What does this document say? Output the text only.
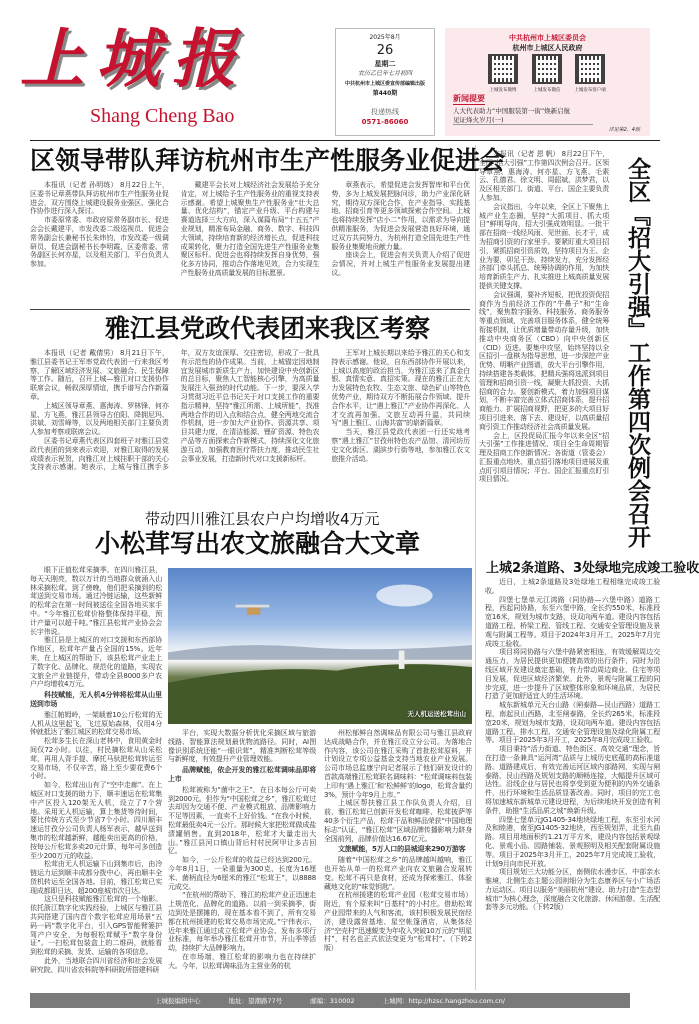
上城报
Shang Cheng Bao
2025年8月
26
星期二
农历乙巳年七月初四
中共杭州市上城区委宣传部编辑出版
第440期
投递热线
0571-86060
中共杭州市上城区委员会
杭州市上城区人民政府
上城发布微博	上城发布微信	上城发布客户端
新闻提要
人大代表助力“中国服装第一街”焕新启航
见证烽火岁月(一)
详见第2、4版
区领导带队拜访杭州市生产性服务业促进会

本报讯（记者 孙明练） 8月22日上午，区委书记章燕带队拜访杭州市生产性服务业促进会，双方围绕上城建设服务业强区、强化合作协作进行深入探讨。

市委原常委、市政府原常务副市长、促进会会长戴建平，市发改委二级巡视员、促进会常务副会长兼秘书长朱炜钧，市发改委一级调研员、促进会副秘书长李明霞，区委常委、常务副区长何亦星，以及相关部门、平台负责人参加。

戴建平会长对上城经济社会发展给予充分肯定，对上城给予生产性服务业的重视支持表示感谢。希望上城聚焦生产性服务业“壮大总量、优化结构”，锚定产业升级、平台构建与赛道选择三大方向，深入谋篇布局“十五五”产业规划，精准布局金融、商务、数字、科技四大领域，持续培育新的经济增长点，促进科技成果转化，聚力打造全国先进生产性服务业集聚区标杆。促进会也将持续发挥自身优势，强化多方协同，推动合作落地见效，合力实现生产性服务业高质量发展的目标愿景。

章燕表示，希望促进会发挥智库和平台优势，多为上城发展把脉问诊，助力产业深化研究，期待双方深化合作，在产业指导、实践基地、招商引育等更多领域探索合作空间。上城也将持续发挥“店小二”作用，以需求为导向提供精准服务，为促进会发展营造良好环境，通过双方共同努力，为杭州打造全国先进生产性服务业集聚地贡献力量。

座谈会上，促进会有关负责人介绍了促进会情况，并对上城生产性服务业发展提出建议。

雅江县党政代表团来我区考察

本报讯（记者 戴倩男） 8月21日下午，雅江县委书记王军率党政代表团一行来我区考察，了解区域经济发展、文旅融合、民生保障等工作。随后，召开上城—雅江对口支援协作联席会议，畅叙深厚情谊，携手谱写合作新篇章。

上城区领导章燕、惠海涛、罗林锋、何亦星、方飞燕，雅江县领导古伯阳、降拥尼玛、洪斌、刘雪峰等，以及两地相关部门主要负责人参加考察或联席会议。

区委书记章燕代表区四套班子对雅江县党政代表团的到来表示欢迎，对雅江取得的发展成绩表示祝贺，向雅江对上城挂职干部的关心支持表示感谢。她表示，上城与雅江携手多年，双方友谊深厚、交往密切，形成了一批具有示范性的协作成果。当前，上城锚定因地制宜发展城市新质生产力、加快建设中央创新区的总目标，聚焦人工智能核心引擎，为高质量发展注入强劲的时代动能。下一步，要深入学习贯彻习近平总书记关于对口支援工作的重要指示精神，坚持“雅江所需、上城所能”，找准两地合作的切入点和结合点，健全两地交流合作机制，进一步加大产业协作、资源共享、项目共建力度，在清洁能源、锂矿资源、特色农产品等方面探索合作新模式，持续深化文化旅游互动，加强教育医疗帮扶力度，推动民生社会事业发展，打造新时代对口支援新标杆。

王军对上城长期以来给予雅江的关心和支持表示感谢。他说，自东西部协作开展以来，上城以高度的政治担当，为雅江送来了真金白银、真情实意、真招实策。现在的雅江正在大力发展特色农牧、生态文旅、绿色矿山等特色优势产业，期待双方不断拓展合作领域、提升合作水平，让“遇上雅江”产业协作再深化、人才交流再加强、文旅互动再升温，共同续写“遇上雅江、山海共富”的崭新篇章。

当天，雅江县党政代表团一行还实地考察“遇上雅江”甘孜州特色农产品馆、清河坊历史文化街区、湖滨步行街等地，参加雅江农文旅推介活动。

本报讯（记者 恩 帆） 8月22日下午，全区“招大引强”工作第四次例会召开。区领导章燕、惠海涛、何亦星、方飞燕、毛素云、孔德君、徐文明、周韶斌、洪梦君，以及区相关部门、街道、平台、国企主要负责人参加。

会议指出，今年以来，全区上下聚焦上城产业生态圈，坚持“大抓项目、抓大项目”鲜明导向，招大引强成效明显。一批干部在招商一线经风雨、见世面、长才干，成为招商引资的行家里手。要紧盯重大项目招引，紧抓招商引资质效，坚持项目为王、企业为要，卯足干劲、持续发力，充分发挥经济部门牵头抓总、统筹协调的作用，为加快培育新质生产力、扎实推进上城高质量发展提供关键支撑。

会议强调，要补齐短板，把优投资促招商作为当前经济工作的“牛鼻子”和“生命线”，聚焦数字服务、科技服务、商务服务等重点领域，完善项目服务体系，健全统筹衔接机制，让优质增量带动存量升级，加快推动中央商务区（CBD）向中央创新区（CID）迈进。要集中攻坚，始终坚持以全区招引一盘棋为指导思想，进一步深挖产业优势、明晰产业图谱，放大平台引擎作用，持续搭建各类载体，把精兵强将选派到项目管理和招商引资一线，凝聚大抓投资、大抓招商的合力。要创新模式，着力加强项目谋划，不断丰富完善立体式招商体系，提升招商能力、扩展招商视野，把更多的大项目好项目引进来、落下去、建设好，以高质量招商引资工作推动经济社会高质量发展。

会上，区投促局汇报今年以来全区“招大引强”工作推进情况、项目全生命周期管理及招商工作创新情况；各街道（管委会）汇报重点地块、重点招引落地项目进展及重点盯引项目情况；平台、国企汇报重点盯引项目情况。	全区『招大引强』工作第四次例会召开
上城2条道路、3处绿地完成竣工验收

近日，上城2条道路及3处绿地工程相继完成竣工验收。

四堡七堡单元江鸿路（同协路—六堡中路）道路工程，西起同协路，东至六堡中路，全长约550米，标准段宽16米，规划为城市支路，设双向两车道。建设内容包括道路工程、桥梁工程、管线工程、交通安全管理设施及景观与附属工程等。项目于2024年3月开工，2025年7月完成竣工验收。

项目将同协路与六堡中路紧密相连，有效缓解周边交通压力，为居民提供更加便捷高效的出行条件，同时为沿线区域开发建设奠定基础，有力带动周边商业、住宅等项目发展，促进区域经济繁荣。此外，景观与附属工程的同步完成，进一步提升了区域整体形象和环境品质，为居民打造了更加舒适宜人的生活环境。

城东新城单元天台山路（闸泰路—艮山西路）道路工程，南起艮山西路，北至闸泰路，全长约265米，标准段宽20米，规划为城市支路，设双向两车道。建设内容包括道路工程、排水工程、交通安全管理设施及绿化附属工程等。项目于2025年3月开工，2025年8月完成竣工验收。

项目秉持“活力街道、特色街区、高效交通”理念，旨在打造一条兼具“运河湾”品质与上城历史底蕴的高标准道路。道路建成后，有效完善运河区域内部路网，实现与闸泰路、艮山西路及规划支路的顺畅连接，大幅提升区域可达性。沿线企业与居民也将享受到更为便利的内外交通条件，出行环境和生活品质显著改善。同时，项目的完工也将加速城东新城单元建设进程，为后续地块开发创造有利条件，助推“生活品质之城”焕新升级。

四堡七堡单元JG1405-34地块绿地工程，东至引水河及和睦港，南至JG1405-32地块，西至规划弄，北至九曲路。项目用地面积约1.21万平方米，建设内容包括景观绿化、景观小品、园路铺装、景观照明及相关配套附属设施等。项目于2025年3月开工，2025年7月完成竣工验收，计划9月向市民开放。

项目规划三大功能分区，南侧依水漫步区、中部亲水雅境，北侧生态主题公园则细分为生态康养区与小广场活力运动区。项目以服务“美丽杭州”建设、助力打造“生态型城市”为核心理念，深度融合文化旅游、休闲游憩、生活配套等多元功能。（下转2版）

带动四川雅江县农户户均增收4万元
小松茸写出农文旅融合大文章

眼下正值松茸采摘季。在四川雅江县，每天天刚亮，数以万计的当地群众就涌入山林采摘松茸。到了傍晚，他们把采摘到的松茸送到交易市场。通过冷链运输，这些新鲜的松茸会在第一时间被送往全国各地买家手中。“今年雅江松茸价格整体保持平稳，预计产量可以超千吨。”雅江县松茸产业协会会长宇伟说。

雅江县是上城区的对口支援和东西部协作地区，松茸年产量占全国的15%。近年来，在上城区的帮助下，该县松茸产业走上了数字化、品牌化、规范化的道路，实现农文旅全产业链提升，带动全县8000多户农户户均增收4万元。

科技赋能，无人机4分钟将松茸从山里送到市场

雅江帕姆岭，一架载着10公斤松茸的无人机从这里起飞，飞过原始森林，仅用4分钟就抵达了雅江城区的松茸交易市场。

松茸多生长在深山老林中，食用黄金时间仅72小时。以往，村民摘松茸从山采松茸，再用人背手提、摩托马驮把松茸转运至交易市场，不仅辛苦，路上至少要花费6个小时。

如今，松茸出山有了“空中走廊”。在上城区对口支援的助力下，顺丰速运在松茸集中产区投入120架无人机，设立了7个营地。采用无人机运输，算上集货等待时间，要比传统方式至少节省7个小时。四川顺丰速运甘孜分公司负责人杨军表示，越早送到集市的松茸越新鲜，越能卖出更高的价格，按每公斤松茸多卖20元计算，每年可多创造至少200万元的收益。

松茸由无人机运输下山到集市后，由冷链运力运到顺丰成都分拨中心，再由顺丰全货机转运至全国各地。目前，雅江松茸已实现成都即日达、超200座城市次日达。

这只是科技赋能雅江松茸的一个缩影。依托浙江数字化实践经验，上城区与雅江县共同搭建了国内首个数字松茸应用场景“五码一码”数字化平台，引入GPS智能臂篓护驾产户安全，为每根松茸赋予“数字身份证”。一扫松茸包装盒上的二维码，就能看到松茸的采摘、发货、运输的各项信息。

此外，当地联合四川省经济和社会发展研究院、四川省农科院等科研院所搭建科研

无人机运送松茸出山

平台，实现大数据分析优化采摘区域与旅游线路、智能算法规划最优物流路径。同时，AI图像识别系统还能“一眼识茸”，精准判断松茸等级与新鲜度，有效提升产业管理效能。

品牌赋能，依企开发的雅江松茸调味品即将上市

松茸被称为“菌中之王”，在日本每公斤可卖到2000元。但作为“中国松茸之乡”，雅江松茸过去却因为交通不便、产业模式粗放、品牌影响力不足等因素，一直卖不上好价钱。“在我小时候，松茸最低卖4元一公斤。那时候大家把松茸做成盐渍罐销售。直到2018年，松茸才大量走出大山。”雅江县河口镇山背后村村民阿甲让多吉回忆。

如今，一公斤松茸的收益已经达到200元。今年8月1日，一朵重量为300克、长度为16厘米、菌柄直径为6厘米的雅江“松茸王”，以8888元成交。

“在杭州的帮助下，雅江的松茸产业正迅速走上规范化、品牌化的道路。以前一到采摘季，街边到处是摆摊的，现在基本看不到了，所有交易都在杭州援建的松茸交易市场完成。”宁伟表示，近年来雅江通过成立松茸产业协会、发布多项行业标准，每年举办雅江松茸开市节、开山季等活动，持续扩大品牌影响力。

在市场端，雅江松茸的影响力也在持续扩大。今年，以松茸调味品为主营业务的杭

州松郁鲜自然调味品有限公司与雅江县政府达成战略合作，并在雅江设立分公司。为落地合作内容，该公司在雅江采购了首批松茸原料，并计划设立专项公益基金支持当地农业产业发展。公司市场总监康宁向记者展示了他们研发设计的首款高端雅江松茸联名调味料：“松茸调味料包装上印有‘遇上雅江’和‘松鲜鲜’的logo，松茸含量约3%，预计今年9月上市。”

上城区帮扶雅江县工作队负责人介绍，目前，雅江松茸已创新开发松茸咖啡、松茸披萨等40多个衍生产品，松茸干品和鲜品荣获“中国地理标志”认证，“雅江松茸”区域品牌传播影响力跻身全国前列，品牌价值达16.67亿元。

文旅赋能，5万人口的县城迎来290万游客

随着“中国松茸之乡”的品牌越叫越响，雅江也开始从单一的松茸产业向农文旅融合发展转变。松茸不再只是食材，还成为探索雅江、体验藏地文化的“味觉钥匙”。

在杭州援建的松茸产业园（松茸交易市场）附近，有个原来叫“日基村”的小村庄。借助松茸产业园带来的人气和客流，该村积极发展民宿经济，建设露营基地、星空帐篷酒店，从集体经济“空壳村”迅速蜕变为年收入突破10万元的“明星村”，村名也正式依法变更为“松茸村”。（下转2版）

上城报编辑中心	地址：望潮路77号	邮编：310002	上城网：http://hzsc.hangzhou.com.cn/
